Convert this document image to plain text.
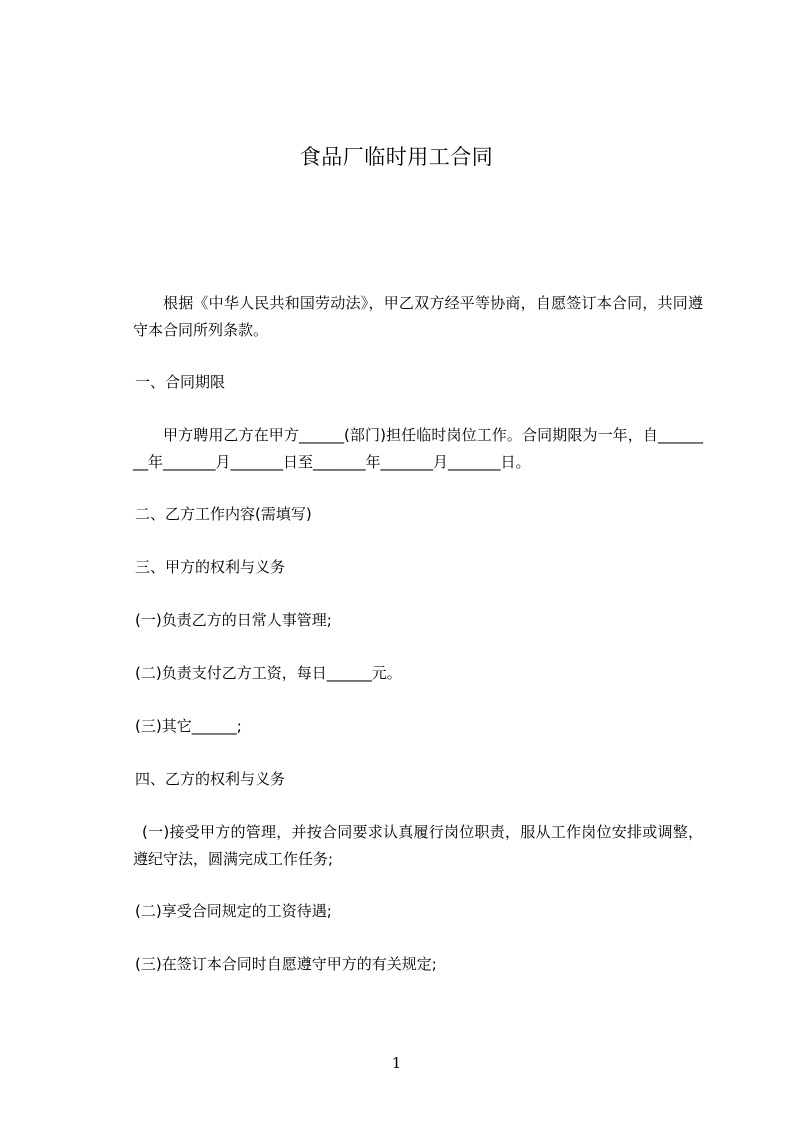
食品厂临时用工合同

根据《中华人民共和国劳动法》，甲乙双方经平等协商，自愿签订本合同，共同遵守本合同所列条款。

一、合同期限

甲方聘用乙方在甲方______(部门)担任临时岗位工作。合同期限为一年，自________年_______月_______日至_______年_______月_______日。

二、乙方工作内容(需填写)

三、甲方的权利与义务

(一)负责乙方的日常人事管理;

(二)负责支付乙方工资，每日______元。

(三)其它______;

四、乙方的权利与义务

(一)接受甲方的管理，并按合同要求认真履行岗位职责，服从工作岗位安排或调整，遵纪守法，圆满完成工作任务;

(二)享受合同规定的工资待遇;

(三)在签订本合同时自愿遵守甲方的有关规定;

1
